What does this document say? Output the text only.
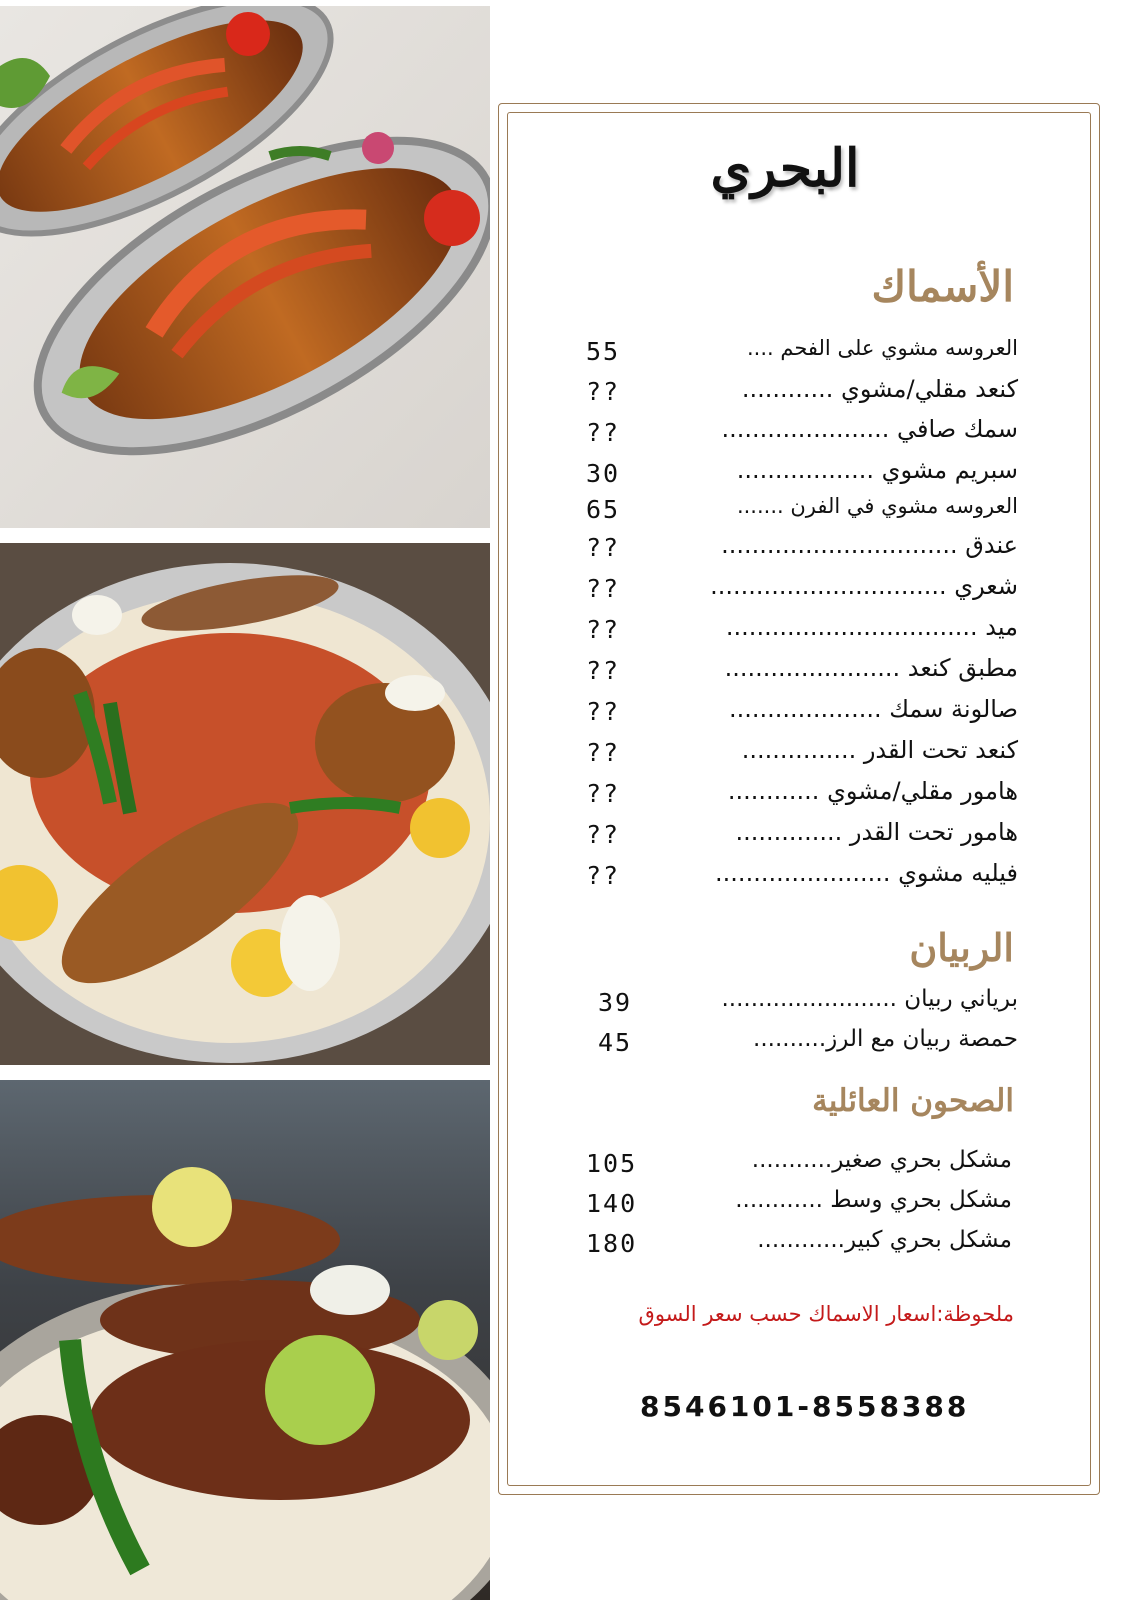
البحري
الأسماك
العروسه مشوي على الفحم ....
55
كنعد مقلي/مشوي ............
??
سمك صافي ......................
??
سبريم مشوي ..................
30
العروسه مشوي في الفرن .......
65
عندق ...............................
??
شعري ...............................
??
ميد .................................
??
مطبق كنعد .......................
??
صالونة سمك ....................
??
كنعد تحت القدر ...............
??
هامور مقلي/مشوي ............
??
هامور تحت القدر ..............
??
فيليه مشوي .......................
??
الربيان
برياني ربيان ........................
39
حمصة ربيان مع الرز..........
45
الصحون العائلية
مشكل بحري صغير...........
105
مشكل بحري وسط ............
140
مشكل بحري كبير............
180
ملحوظة:اسعار الاسماك حسب سعر السوق
8546101-8558388
